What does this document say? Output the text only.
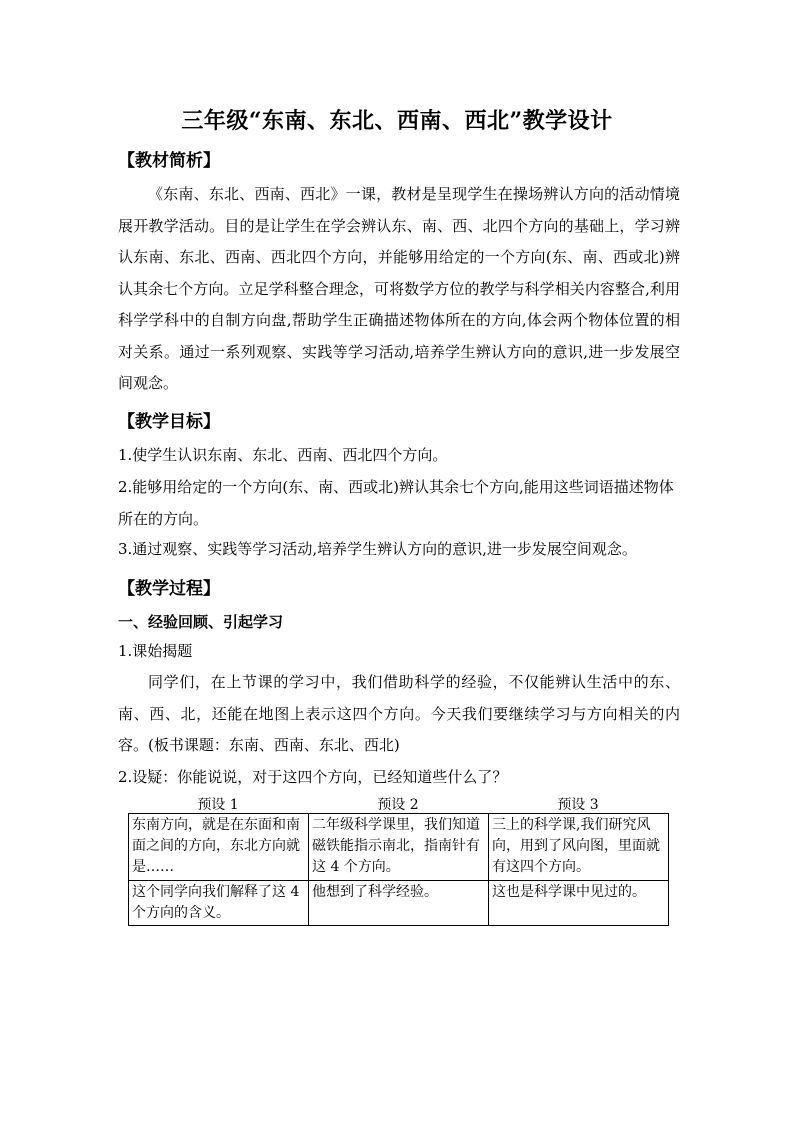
三年级“东南、东北、西南、西北”教学设计
【教材简析】
《东南、东北、西南、西北》一课，教材是呈现学生在操场辨认方向的活动情境展开教学活动。目的是让学生在学会辨认东、南、西、北四个方向的基础上，学习辨认东南、东北、西南、西北四个方向，并能够用给定的一个方向(东、南、西或北)辨认其余七个方向。立足学科整合理念，可将数学方位的教学与科学相关内容整合,利用科学学科中的自制方向盘,帮助学生正确描述物体所在的方向,体会两个物体位置的相对关系。通过一系列观察、实践等学习活动,培养学生辨认方向的意识,进一步发展空间观念。
【教学目标】
1.使学生认识东南、东北、西南、西北四个方向。
2.能够用给定的一个方向(东、南、西或北)辨认其余七个方向,能用这些词语描述物体所在的方向。
3.通过观察、实践等学习活动,培养学生辨认方向的意识,进一步发展空间观念。
【教学过程】
一、经验回顾、引起学习
1.课始揭题
同学们，在上节课的学习中，我们借助科学的经验，不仅能辨认生活中的东、南、西、北，还能在地图上表示这四个方向。今天我们要继续学习与方向相关的内容。(板书课题：东南、西南、东北、西北)
2.设疑：你能说说，对于这四个方向，已经知道些什么了？
预设 1	预设 2	预设 3
东南方向，就是在东面和南面之间的方向，东北方向就是……	二年级科学课里，我们知道磁铁能指示南北，指南针有这 4 个方向。	三上的科学课,我们研究风向，用到了风向图，里面就有这四个方向。
这个同学向我们解释了这 4 个方向的含义。	他想到了科学经验。	这也是科学课中见过的。
